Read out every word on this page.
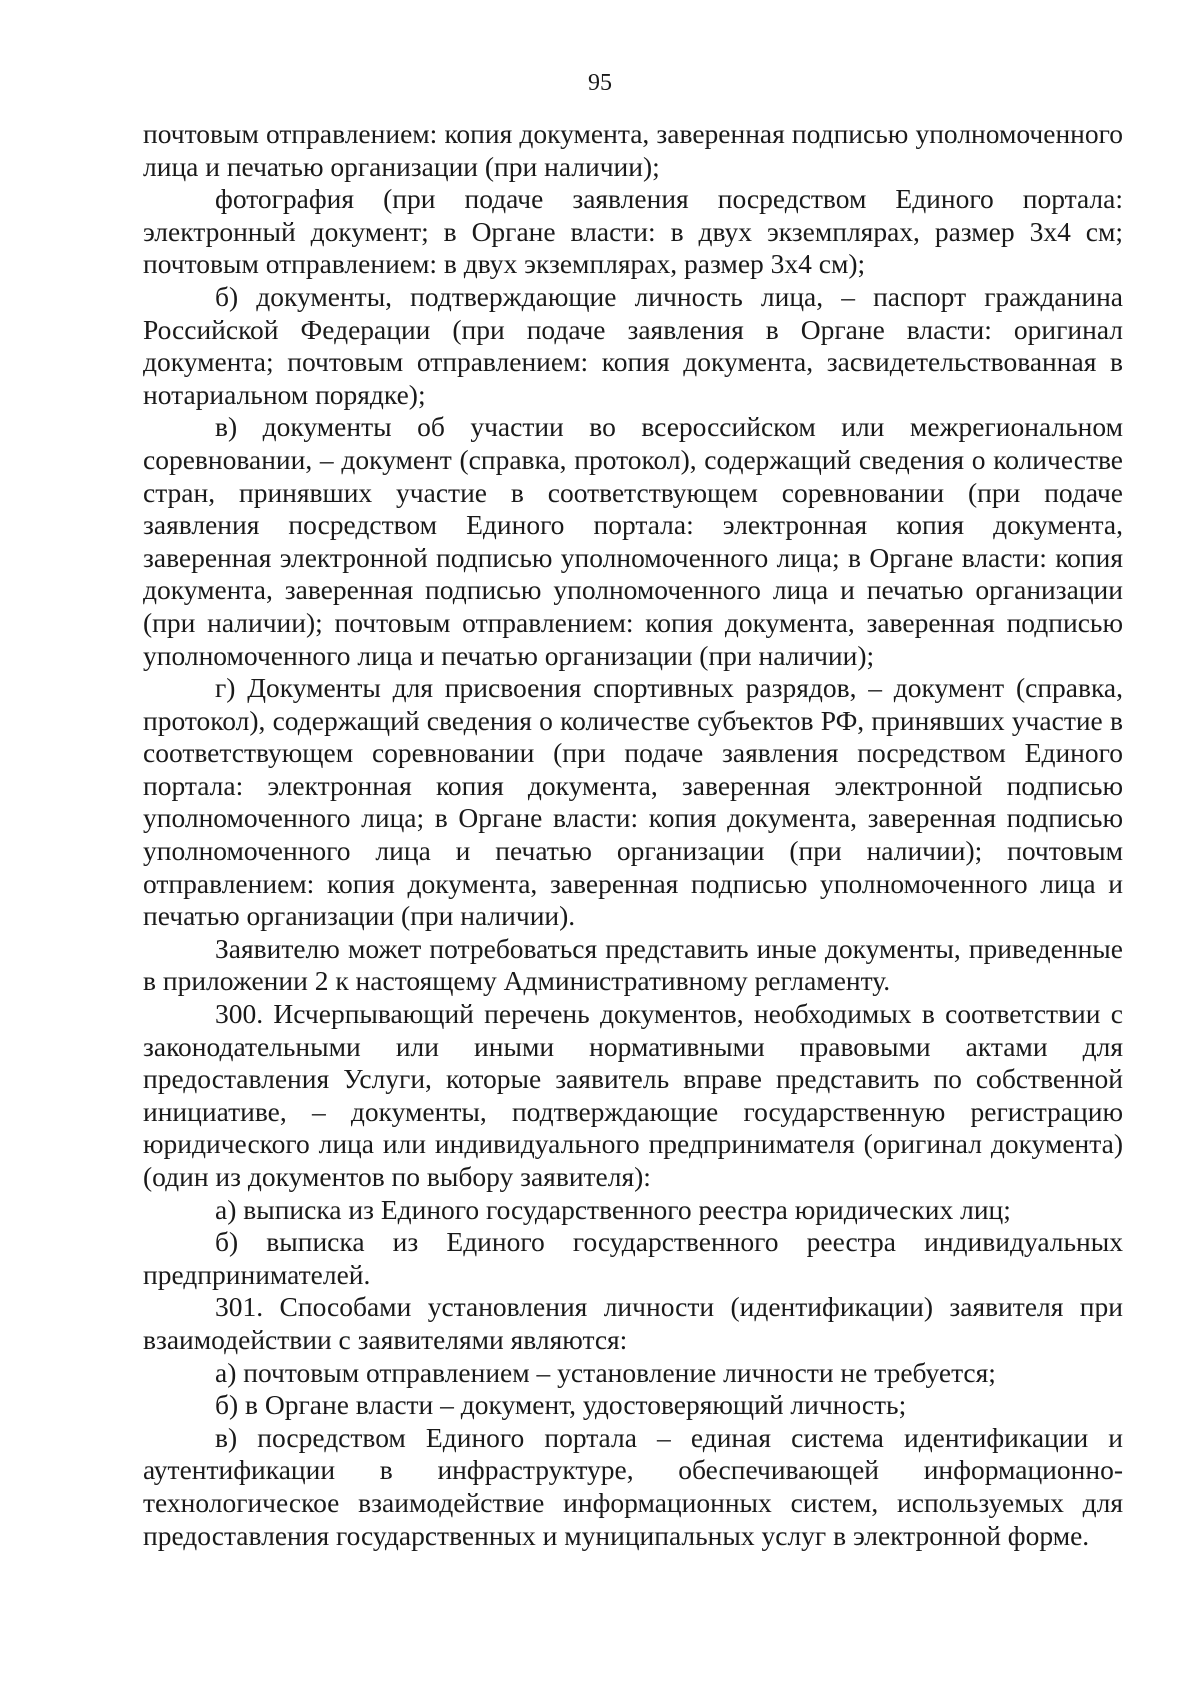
95

почтовым отправлением: копия документа, заверенная подписью уполномоченного лица и печатью организации (при наличии);

фотография (при подаче заявления посредством Единого портала: электронный документ; в Органе власти: в двух экземплярах, размер 3х4 см; почтовым отправлением: в двух экземплярах, размер 3х4 см);

б) документы, подтверждающие личность лица, – паспорт гражданина Российской Федерации (при подаче заявления в Органе власти: оригинал документа; почтовым отправлением: копия документа, засвидетельствованная в нотариальном порядке);

в) документы об участии во всероссийском или межрегиональном соревновании, – документ (справка, протокол), содержащий сведения о количестве стран, принявших участие в соответствующем соревновании (при подаче заявления посредством Единого портала: электронная копия документа, заверенная электронной подписью уполномоченного лица; в Органе власти: копия документа, заверенная подписью уполномоченного лица и печатью организации (при наличии); почтовым отправлением: копия документа, заверенная подписью уполномоченного лица и печатью организации (при наличии);

г) Документы для присвоения спортивных разрядов, – документ (справка, протокол), содержащий сведения о количестве субъектов РФ, принявших участие в соответствующем соревновании (при подаче заявления посредством Единого портала: электронная копия документа, заверенная электронной подписью уполномоченного лица; в Органе власти: копия документа, заверенная подписью уполномоченного лица и печатью организации (при наличии); почтовым отправлением: копия документа, заверенная подписью уполномоченного лица и печатью организации (при наличии).

Заявителю может потребоваться представить иные документы, приведенные в приложении 2 к настоящему Административному регламенту.

300. Исчерпывающий перечень документов, необходимых в соответствии с законодательными или иными нормативными правовыми актами для предоставления Услуги, которые заявитель вправе представить по собственной инициативе, – документы, подтверждающие государственную регистрацию юридического лица или индивидуального предпринимателя (оригинал документа) (один из документов по выбору заявителя):

а) выписка из Единого государственного реестра юридических лиц;

б) выписка из Единого государственного реестра индивидуальных предпринимателей.

301. Способами установления личности (идентификации) заявителя при взаимодействии с заявителями являются:

а) почтовым отправлением – установление личности не требуется;

б) в Органе власти – документ, удостоверяющий личность;

в) посредством Единого портала – единая система идентификации и аутентификации в инфраструктуре, обеспечивающей информационно-технологическое взаимодействие информационных систем, используемых для предоставления государственных и муниципальных услуг в электронной форме.
